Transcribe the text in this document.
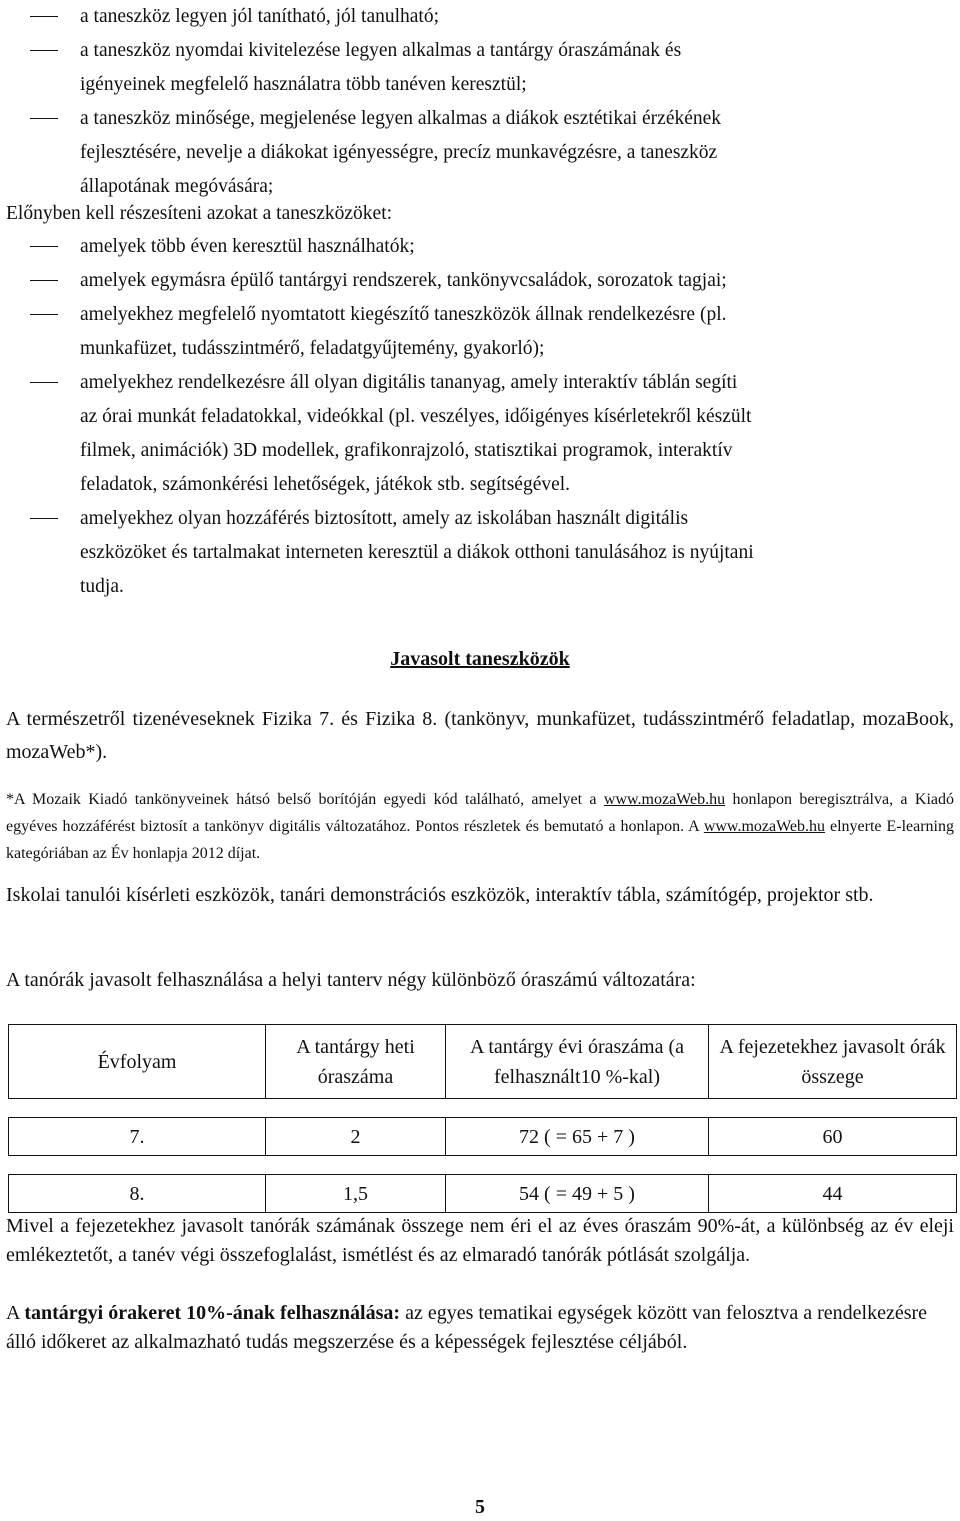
a taneszköz legyen jól tanítható, jól tanulható;
a taneszköz nyomdai kivitelezése legyen alkalmas a tantárgy óraszámának és
igényeinek megfelelő használatra több tanéven keresztül;
a taneszköz minősége, megjelenése legyen alkalmas a diákok esztétikai érzékének
fejlesztésére, nevelje a diákokat igényességre, precíz munkavégzésre, a taneszköz
állapotának megóvására;
Előnyben kell részesíteni azokat a taneszközöket:
amelyek több éven keresztül használhatók;
amelyek egymásra épülő tantárgyi rendszerek, tankönyvcsaládok, sorozatok tagjai;
amelyekhez megfelelő nyomtatott kiegészítő taneszközök állnak rendelkezésre (pl.
munkafüzet, tudásszintmérő, feladatgyűjtemény, gyakorló);
amelyekhez rendelkezésre áll olyan digitális tananyag, amely interaktív táblán segíti
az órai munkát feladatokkal, videókkal (pl. veszélyes, időigényes kísérletekről készült
filmek, animációk) 3D modellek, grafikonrajzoló, statisztikai programok, interaktív
feladatok, számonkérési lehetőségek, játékok stb. segítségével.
amelyekhez olyan hozzáférés biztosított, amely az iskolában használt digitális
eszközöket és tartalmakat interneten keresztül a diákok otthoni tanulásához is nyújtani
tudja.
Javasolt taneszközök
A természetről tizenéveseknek Fizika 7. és Fizika 8. (tankönyv, munkafüzet, tudásszintmérő feladatlap, mozaBook, mozaWeb*).
*A Mozaik Kiadó tankönyveinek hátsó belső borítóján egyedi kód található, amelyet a www.mozaWeb.hu honlapon beregisztrálva, a Kiadó egyéves hozzáférést biztosít a tankönyv digitális változatához. Pontos részletek és bemutató a honlapon. A www.mozaWeb.hu elnyerte E-learning kategóriában az Év honlapja 2012 díjat.
Iskolai tanulói kísérleti eszközök, tanári demonstrációs eszközök, interaktív tábla, számítógép, projektor stb.
A tanórák javasolt felhasználása a helyi tanterv négy különböző óraszámú változatára:
Évfolyam	A tantárgy heti óraszáma	A tantárgy évi óraszáma (a felhasznált10 %-kal)	A fejezetekhez javasolt órák összege

7.	2	72 ( = 65 + 7 )	60

8.	1,5	54 ( = 49 + 5 )	44
Mivel a fejezetekhez javasolt tanórák számának összege nem éri el az éves óraszám 90%-át, a különbség az év eleji emlékeztetőt, a tanév végi összefoglalást, ismétlést és az elmaradó tanórák pótlását szolgálja.
A tantárgyi órakeret 10%-ának felhasználása: az egyes tematikai egységek között van felosztva a rendelkezésre álló időkeret az alkalmazható tudás megszerzése és a képességek fejlesztése céljából.
5
